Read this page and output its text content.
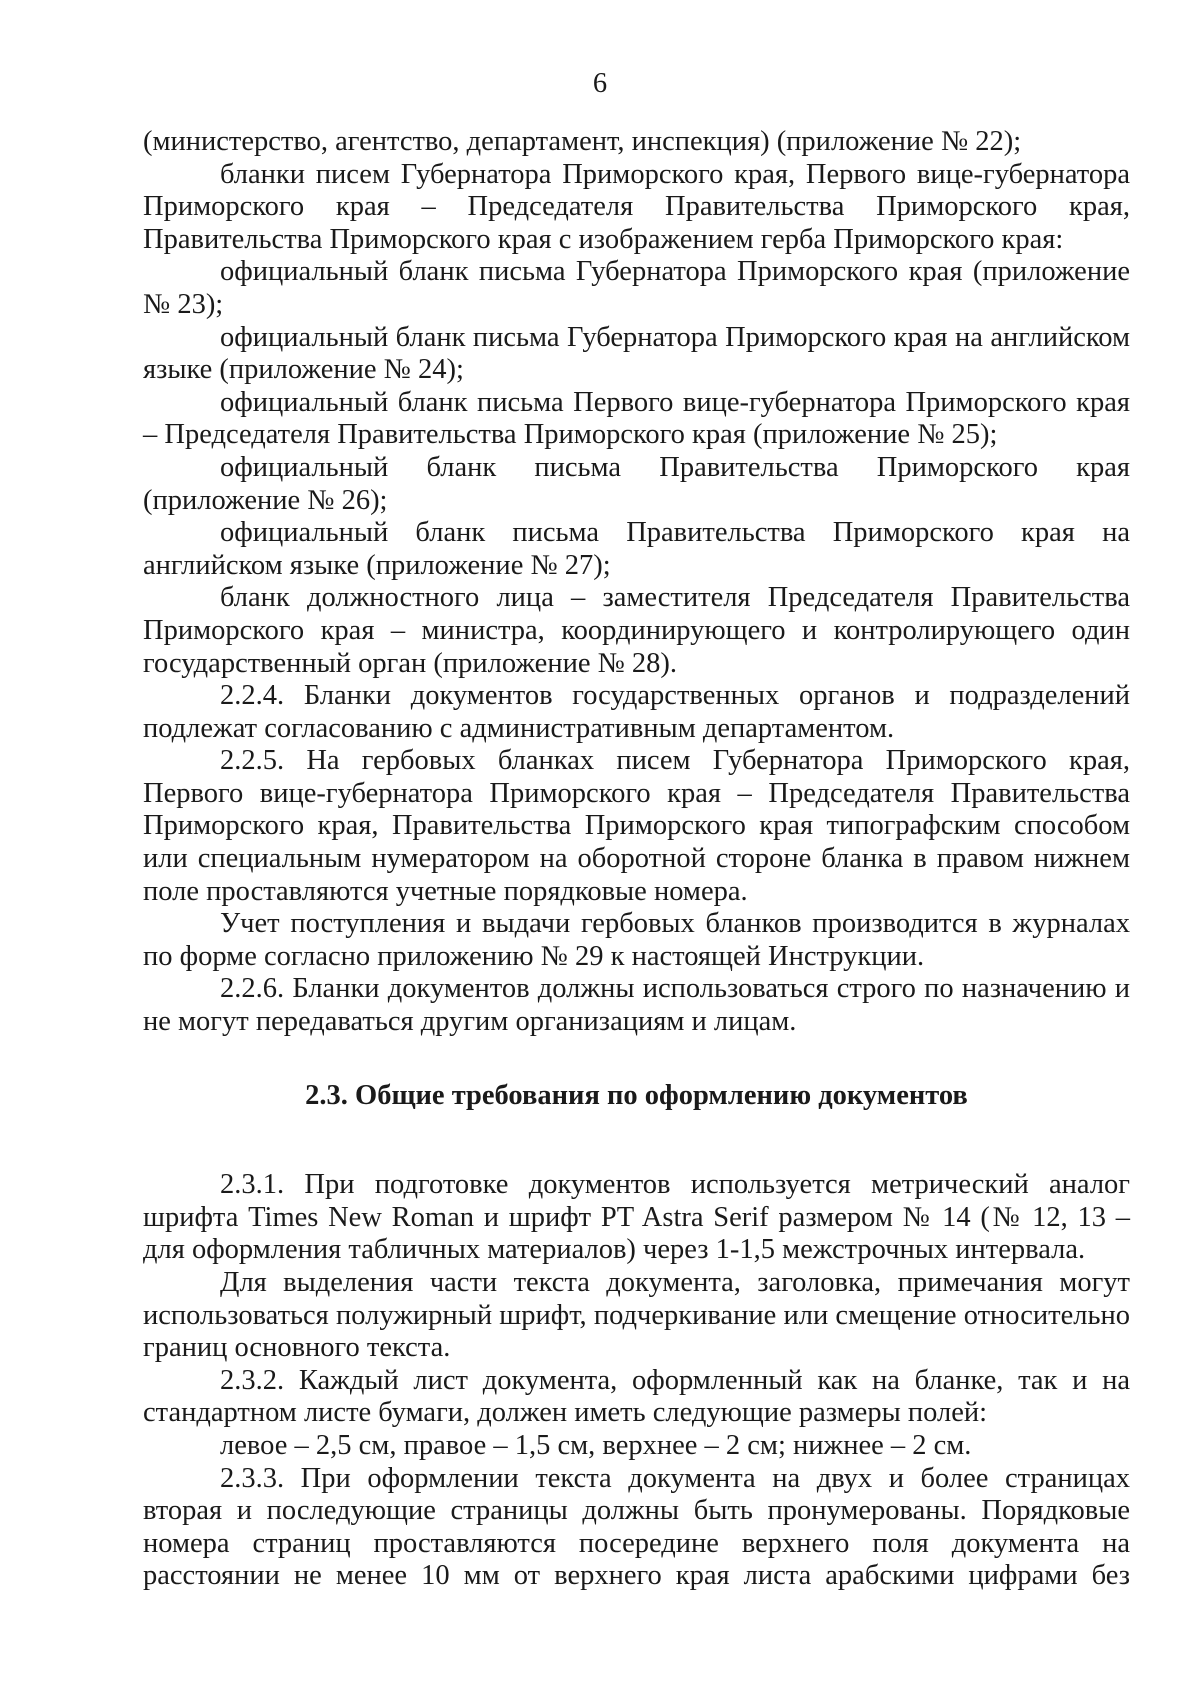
6

(министерство, агентство, департамент, инспекция) (приложение № 22);

бланки писем Губернатора Приморского края, Первого вице-губернатора Приморского края – Председателя Правительства Приморского края, Правительства Приморского края с изображением герба Приморского края:

официальный бланк письма Губернатора Приморского края (приложение № 23);

официальный бланк письма Губернатора Приморского края на английском языке (приложение № 24);

официальный бланк письма Первого вице-губернатора Приморского края – Председателя Правительства Приморского края (приложение № 25);

официальный бланк письма Правительства Приморского края (приложение № 26);

официальный бланк письма Правительства Приморского края на английском языке (приложение № 27);

бланк должностного лица – заместителя Председателя Правительства Приморского края – министра, координирующего и контролирующего один государственный орган (приложение № 28).

2.2.4. Бланки документов государственных органов и подразделений подлежат согласованию с административным департаментом.

2.2.5. На гербовых бланках писем Губернатора Приморского края, Первого вице-губернатора Приморского края – Председателя Правительства Приморского края, Правительства Приморского края типографским способом или специальным нумератором на оборотной стороне бланка в правом нижнем поле проставляются учетные порядковые номера.

Учет поступления и выдачи гербовых бланков производится в журналах по форме согласно приложению № 29 к настоящей Инструкции.

2.2.6. Бланки документов должны использоваться строго по назначению и не могут передаваться другим организациям и лицам.

2.3. Общие требования по оформлению документов

2.3.1. При подготовке документов используется метрический аналог шрифта Times New Roman и шрифт PT Astra Serif размером № 14 (№ 12, 13 – для оформления табличных материалов) через 1-1,5 межстрочных интервала.

Для выделения части текста документа, заголовка, примечания могут использоваться полужирный шрифт, подчеркивание или смещение относительно границ основного текста.

2.3.2. Каждый лист документа, оформленный как на бланке, так и на стандартном листе бумаги, должен иметь следующие размеры полей:

левое – 2,5 см, правое – 1,5 см, верхнее – 2 см; нижнее – 2 см.

2.3.3. При оформлении текста документа на двух и более страницах вторая и последующие страницы должны быть пронумерованы. Порядковые номера страниц проставляются посередине верхнего поля документа на расстоянии не менее 10 мм от верхнего края листа арабскими цифрами без
